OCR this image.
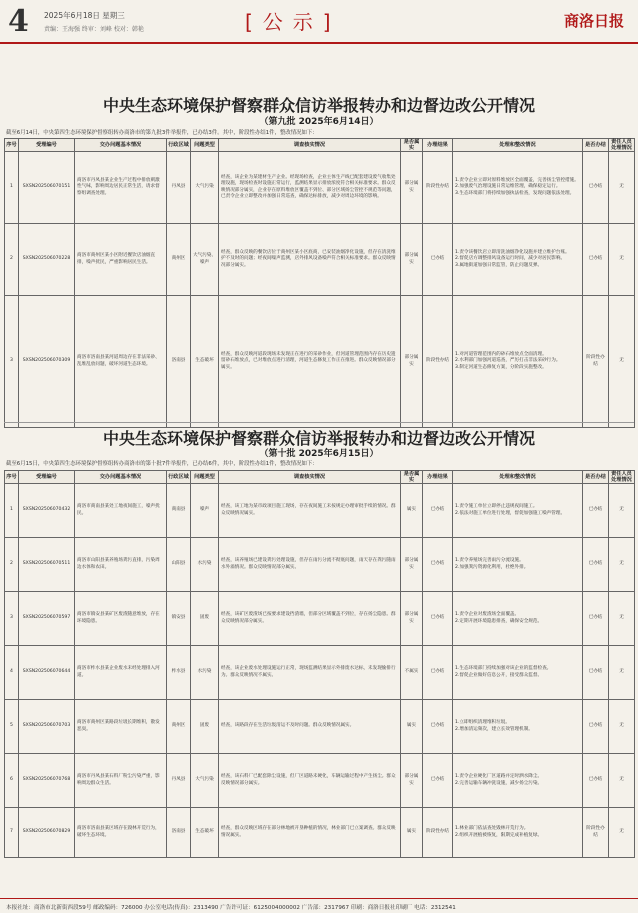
4 2025年6月18日 星期三
责编：王海强 终审：刘峰 校对：韩艳	[公示]	商洛日报
中央生态环境保护督察群众信访举报转办和边督边改公开情况
（第九批 2025年6月14日）
截至6月14日，中央第四生态环境保护督察组转办商洛市的第九批3件举报件，已办结3件。其中，阶段性办结1件，整改情况如下：
序号	受理编号	交办问题基本情况	行政区域	问题类型	调查核实情况	是否属实	办理结果	处理和整改情况	是否办结	责任人员处理情况
1	SXSN202506070151	商洛市丹凤县某企业生产过程中排放刺激性气味，影响周边居民正常生活，请求督察组调查处理。	丹凤县	大气污染	经查，该企业为某建材生产企业。经现场检查，企业主体生产线已配套建设废气收集处理设施，现场检查时设施正常运行，监测结果显示排放浓度符合相关标准要求。群众反映情况部分属实，企业存在原料堆放区覆盖不到位、部分区域扬尘管控不规范等问题，已责令企业立即整改并加强日常巡查，确保达标排放，减少对周边环境的影响。	部分属实	阶段性办结	1.责令企业立即对原料堆放区全面覆盖，完善扬尘管控措施。
2.加强废气治理设施日常运维管理，确保稳定运行。
3.生态环境部门将持续加强执法检查，发现问题依法处理。	已办结	无
2	SXSN202506070228	商洛市商州区某小区附近餐饮店油烟直排，噪声扰民，严重影响居民生活。	商州区	大气污染、噪声	经查，群众反映的餐饮店位于商州区某小区底商，已安装油烟净化设施，但存在清洗维护不及时的问题；经夜间噪声监测，店外排风设备噪声符合相关标准要求。群众反映情况部分属实。	部分属实	已办结	1.责令该餐饮店立即清洗油烟净化设施并建立维护台账。
2.督促店方调整排风设备运行时间，减少对居民影响。
3.属地街道加强日常监管，防止问题反弹。	已办结	无
3	SXSN202506070309	商洛市洛南县某河道周边存在非法采砂、乱堆乱放问题，破坏河道生态环境。	洛南县	生态破坏	经查，群众反映河道段现场未发现正在进行的采砂作业，但河道管理范围内存在历史遗留砂石堆放点，已对堆放点进行清理，河道生态修复工作正在推进。群众反映情况部分属实。	部分属实	阶段性办结	1.对河道管理范围内的砂石堆放点全面清理。
2.水利部门加强河道巡查，严厉打击非法采砂行为。
3.制定河道生态修复方案，分阶段实施整改。	阶段性办结	无
中央生态环境保护督察群众信访举报转办和边督边改公开情况
（第十批 2025年6月15日）
截至6月15日，中央第四生态环境保护督察组转办商洛市的第十批7件举报件，已办结6件，其中，阶段性办结1件，整改情况如下：
序号	受理编号	交办问题基本情况	行政区域	问题类型	调查核实情况	是否属实	办理结果	处理和整改情况	是否办结	责任人员处理情况
1	SXSN202506070432	商洛市商南县某处工地夜间施工，噪声扰民。	商南县	噪声	经查，该工地为某市政项目施工现场，存在夜间施工未按规定办理审批手续的情况。群众反映情况属实。	属实	已办结	1.责令施工单位立即停止违规夜间施工。
2.依法对施工单位进行处理，督促加强施工噪声管理。	已办结	无
2	SXSN202506070511	商洛市山阳县某养殖场粪污直排，污染周边水体和农田。	山阳县	水污染	经查，该养殖场已建设粪污处理设施，但存在雨污分流不彻底问题，雨天存在粪污随雨水外溢情况。群众反映情况部分属实。	部分属实	已办结	1.责令养殖场完善雨污分流设施。
2.加强粪污资源化利用，杜绝外排。	已办结	无
3	SXSN202506070597	商洛市镇安县某矿区废渣随意堆放，存在环境隐患。	镇安县	固废	经查，该矿区废渣场已按要求建设挡渣墙，但部分区域覆盖不到位，存在扬尘隐患。群众反映情况部分属实。	部分属实	已办结	1.责令企业对废渣场全面覆盖。
2.定期开展环境隐患排查，确保安全规范。	已办结	无
4	SXSN202506070644	商洛市柞水县某企业废水未经处理排入河道。	柞水县	水污染	经查，该企业废水处理设施运行正常，现场监测结果显示外排废水达标，未发现偷排行为。群众反映情况不属实。	不属实	已办结	1.生态环境部门持续加强对该企业的监督检查。
2.督促企业做好信息公开，接受群众监督。	已办结	无
5	SXSN202506070703	商洛市商州区某路段垃圾长期堆积，散发恶臭。	商州区	固废	经查，该路段存在生活垃圾清运不及时问题。群众反映情况属实。	属实	已办结	1.立即组织清理堆积垃圾。
2.增加清运频次，建立长效管理机制。	已办结	无
6	SXSN202506070768	商洛市丹凤县某石料厂粉尘污染严重，影响周边群众生活。	丹凤县	大气污染	经查，该石料厂已配套除尘设施，但厂区道路未硬化，车辆运输过程中产生扬尘。群众反映情况部分属实。	部分属实	已办结	1.责令企业硬化厂区道路并定时洒水降尘。
2.完善运输车辆冲洗设施，减少扬尘污染。	已办结	无
7	SXSN202506070829	商洛市洛南县某区域存在毁林开荒行为，破坏生态环境。	洛南县	生态破坏	经查，群众反映区域存在部分林地被开垦种植的情况，林业部门已立案调查。群众反映情况属实。	属实	阶段性办结	1.林业部门依法查处毁林开荒行为。
2.组织开展植被恢复，限期完成补植复绿。	阶段性办结	无
本报社址：商洛市北新街西段59号 邮政编码：726000 办公室电话(传真)：2313490 广告许可证：6125004000002 广告部：2317967 印刷：商洛日报社印刷厂 电话：2312541
